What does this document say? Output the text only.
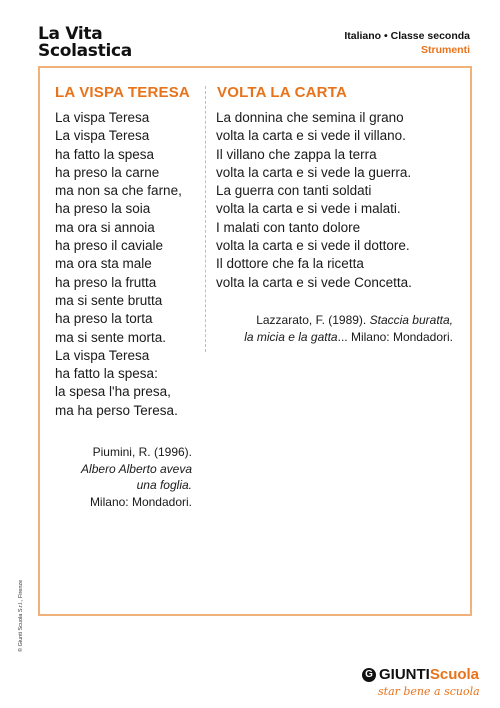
La Vita
Scolastica
Italiano • Classe seconda
Strumenti
LA VISPA TERESA
La vispa Teresa
La vispa Teresa
ha fatto la spesa
ha preso la carne
ma non sa che farne,
ha preso la soia
ma ora si annoia
ha preso il caviale
ma ora sta male
ha preso la frutta
ma si sente brutta
ha preso la torta
ma si sente morta.
La vispa Teresa
ha fatto la spesa:
la spesa l'ha presa,
ma ha perso Teresa.
Piumini, R. (1996).
Albero Alberto aveva
una foglia.
Milano: Mondadori.
VOLTA LA CARTA
La donnina che semina il grano
volta la carta e si vede il villano.
Il villano che zappa la terra
volta la carta e si vede la guerra.
La guerra con tanti soldati
volta la carta e si vede i malati.
I malati con tanto dolore
volta la carta e si vede il dottore.
Il dottore che fa la ricetta
volta la carta e si vede Concetta.
Lazzarato, F. (1989). Staccia buratta,
la micia e la gatta... Milano: Mondadori.
© Giunti Scuola S.r.l., Firenze
G GIUNTI Scuola
star bene a scuola
